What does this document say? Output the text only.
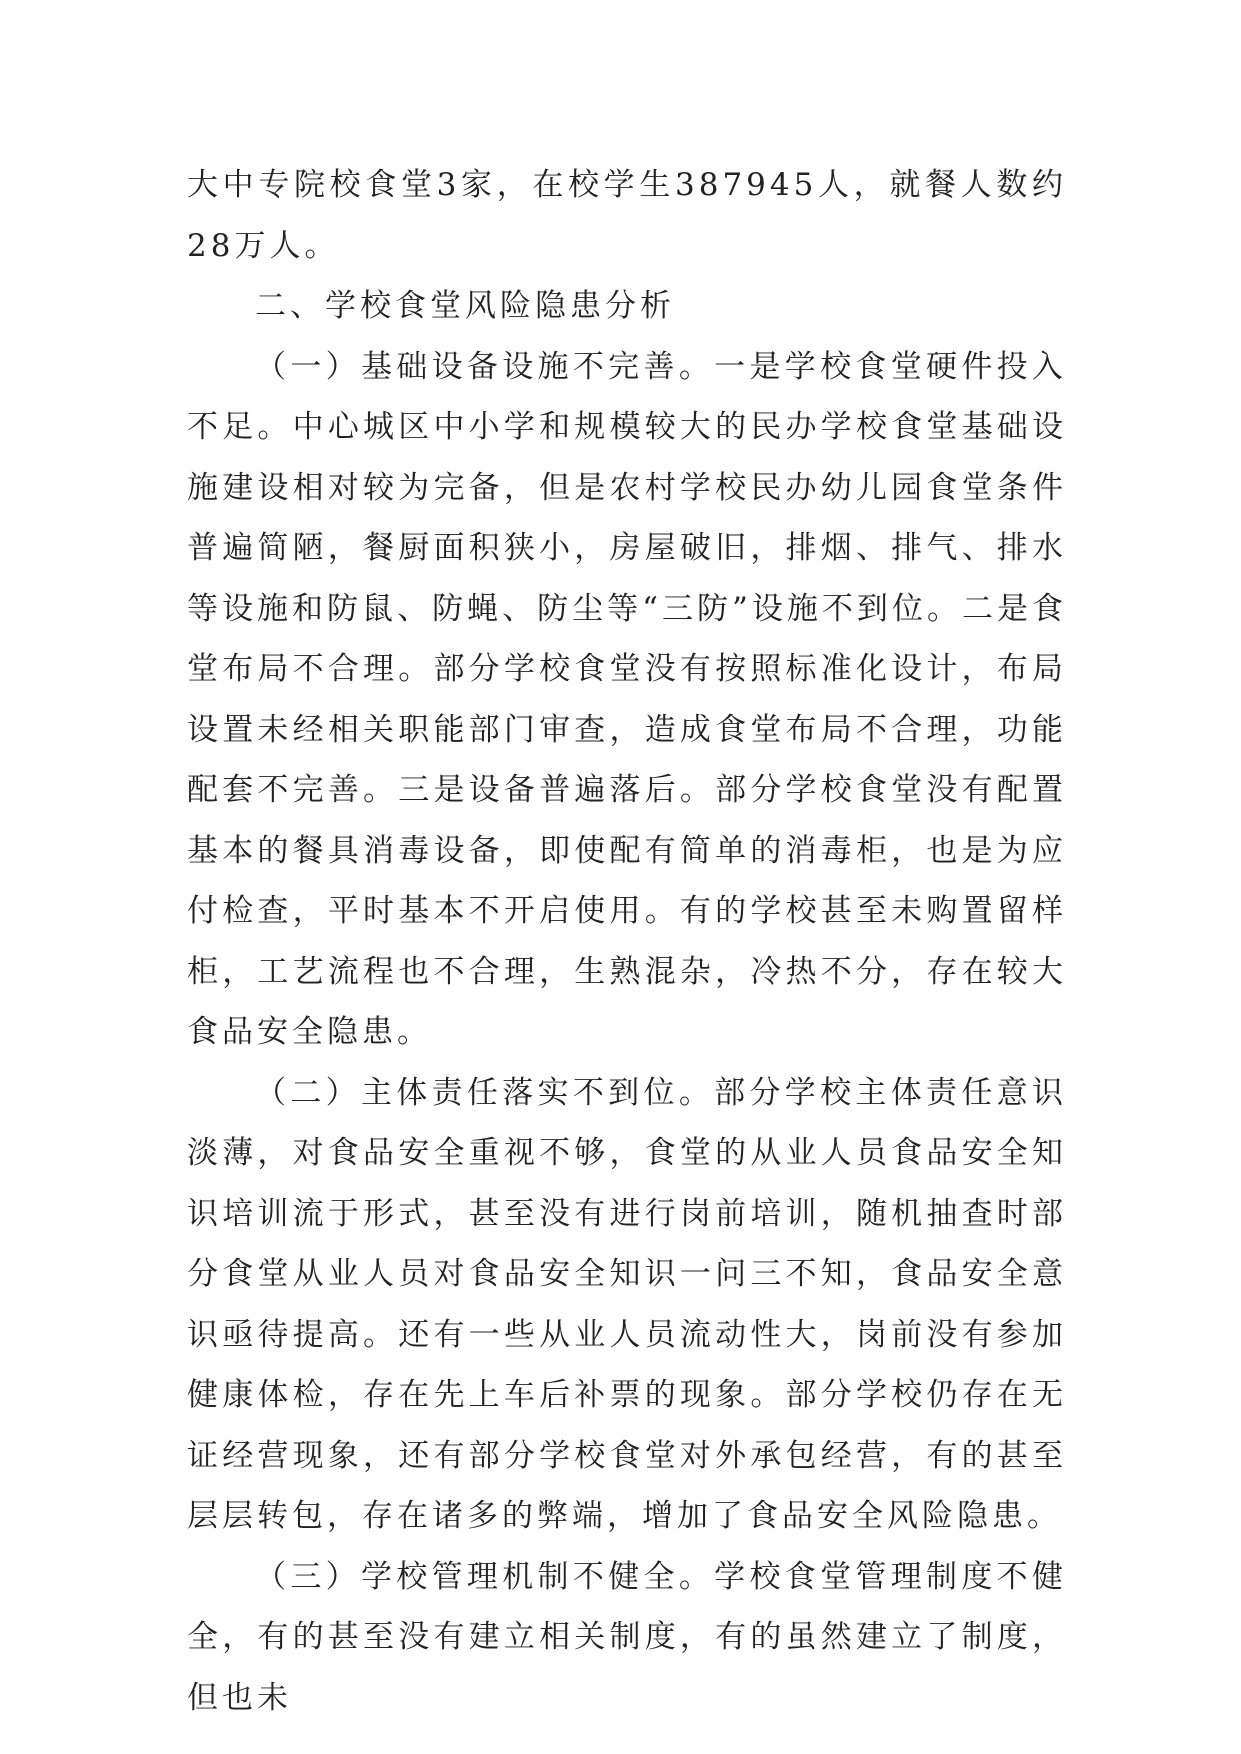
大中专院校食堂3家，在校学生387945人，就餐人数约28万人。

二、学校食堂风险隐患分析

（一）基础设备设施不完善。一是学校食堂硬件投入不足。中心城区中小学和规模较大的民办学校食堂基础设施建设相对较为完备，但是农村学校民办幼儿园食堂条件普遍简陋，餐厨面积狭小，房屋破旧，排烟、排气、排水等设施和防鼠、防蝇、防尘等“三防”设施不到位。二是食堂布局不合理。部分学校食堂没有按照标准化设计，布局设置未经相关职能部门审查，造成食堂布局不合理，功能配套不完善。三是设备普遍落后。部分学校食堂没有配置基本的餐具消毒设备，即使配有简单的消毒柜，也是为应付检查，平时基本不开启使用。有的学校甚至未购置留样柜，工艺流程也不合理，生熟混杂，冷热不分，存在较大食品安全隐患。

（二）主体责任落实不到位。部分学校主体责任意识淡薄，对食品安全重视不够，食堂的从业人员食品安全知识培训流于形式，甚至没有进行岗前培训，随机抽查时部分食堂从业人员对食品安全知识一问三不知，食品安全意识亟待提高。还有一些从业人员流动性大，岗前没有参加健康体检，存在先上车后补票的现象。部分学校仍存在无证经营现象，还有部分学校食堂对外承包经营，有的甚至层层转包，存在诸多的弊端，增加了食品安全风险隐患。

（三）学校管理机制不健全。学校食堂管理制度不健全，有的甚至没有建立相关制度，有的虽然建立了制度，但也未
